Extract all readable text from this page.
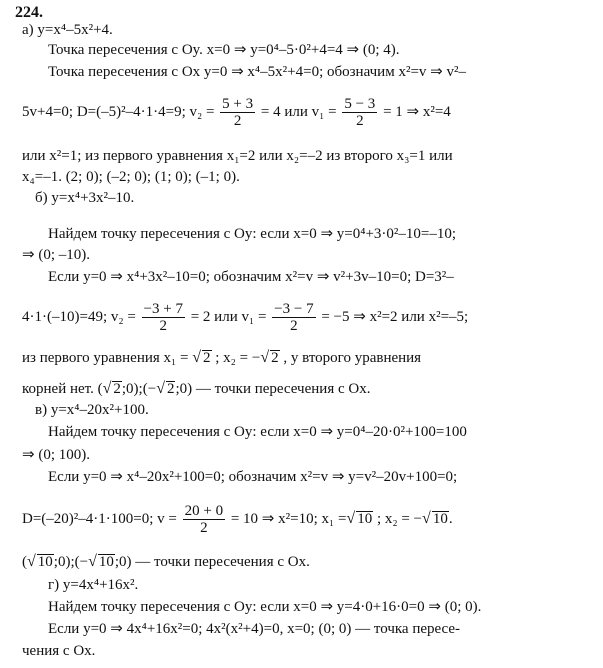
224.
а) y=x⁴–5x²+4.
Точка пересечения с Oy. x=0 ⇒ y=0⁴–5·0²+4=4 ⇒ (0; 4).
Точка пересечения с Ox y=0 ⇒ x⁴–5x²+4=0; обозначим x²=v ⇒ v²–
5v+4=0; D=(–5)²–4·1·4=9; $v_2 = \frac{5 + 3}{2} = 4$ или $v_1 = \frac{5 - 3}{2} = 1$ ⇒ x²=4
или x²=1; из первого уравнения x₁=2 или x₂=–2 из второго x₃=1 или
x₄=–1. (2; 0); (–2; 0); (1; 0); (–1; 0).
б) y=x⁴+3x²–10.
Найдем точку пересечения с Oy: если x=0 ⇒ y=0⁴+3·0²–10=–10;
⇒ (0; –10).
Если y=0 ⇒ x⁴+3x²–10=0; обозначим x²=v ⇒ v²+3v–10=0; D=3²–
4·1·(–10)=49; $v_2 = \frac{-3 + 7}{2} = 2$ или $v_1 = \frac{-3 - 7}{2} = -5$ ⇒ x²=2 или x²=–5;
из первого уравнения x₁ = √ 2 ; x₂ = −√ 2 , у второго уравнения
корней нет. (√ 2;0);(−√ 2;0) — точки пересечения с Ox.
в) y=x⁴–20x²+100.
Найдем точку пересечения с Oy: если x=0 ⇒ y=0⁴–20·0²+100=100
⇒ (0; 100).
Если y=0 ⇒ x⁴–20x²+100=0; обозначим x²=v ⇒ y=v²–20v+100=0;
D=(–20)²–4·1·100=0; $v = \frac{20 + 0}{2} = 10$ ⇒ x²=10; x₁ =√ 10 ; x₂ = −√ 10.
(√ 10;0);(−√ 10;0) — точки пересечения с Ox.
г) y=4x⁴+16x².
Найдем точку пересечения с Oy: если x=0 ⇒ y=4·0+16·0=0 ⇒ (0; 0).
Если y=0 ⇒ 4x⁴+16x²=0; 4x²(x²+4)=0, x=0; (0; 0) — точка пересе-
чения с Ox.
